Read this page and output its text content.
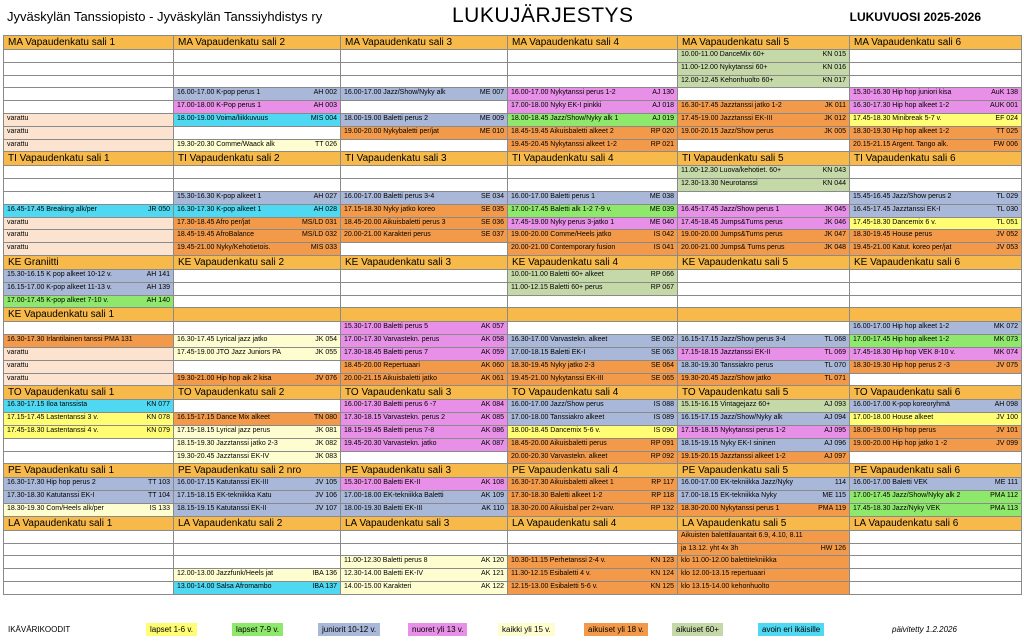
Jyväskylän Tanssiopisto - Jyväskylän Tanssiyhdistys ry	LUKUJÄRJESTYS	LUKUVUOSI 2025-2026
MA Vapaudenkatu sali 1	MA Vapaudenkatu sali 2	MA Vapaudenkatu sali 3	MA Vapaudenkatu sali 4	MA Vapaudenkatu sali 5	MA Vapaudenkatu sali 6

				10.00-11.00 DanceMix 60+ KN 015	

				11.00-12.00 Nykytanssi 60+ KN 016	

				12.00-12.45 Kehonhuolto 60+ KN 017	

	16.00-17.00 K-pop perus 1 AH 002	16.00-17.00 Jazz/Show/Nyky alk ME 007	16.00-17.00 Nykytanssi perus 1-2 AJ 130		15.30-16.30 Hip hop juniori kisa AuK 138

	17.00-18.00 K-Pop perus 1 AH 003		17.00-18.00 Nyky EK-I pinkki AJ 018	16.30-17.45 Jazztanssi jatko 1-2 JK 011	16.30-17.30 Hip hop alkeet 1-2 AUK 001

varattu	18.00-19.00 Voima/liikkuvuus MIS 004	18.00-19.00 Baletti perus 2 ME 009	18.00-18.45 Jazz/Show/Nyky alk 1 AJ 019	17.45-19.00 Jazztanssi EK-III JK 012	17.45-18.30 Minibreak 5-7 v. EF 024

varattu		19.00-20.00 Nykybaletti per/jat ME 010	18.45-19.45 Aikuisbaletti alkeet 2 RP 020	19.00-20.15 Jazz/Show perus JK 005	18.30-19.30 Hip hop alkeet 1-2 TT 025

varattu	19.30-20.30 Comme/Waack alk TT 026		19.45-20.45 Nykytanssi alkeet 1-2 RP 021		20.15-21.15 Argent. Tango alk. FW 006

TI Vapaudenkatu sali 1	TI Vapaudenkatu sali 2	TI Vapaudenkatu sali 3	TI Vapaudenkatu sali 4	TI Vapaudenkatu sali 5	TI Vapaudenkatu sali 6

				11.00-12.30 Luova/kehotiet. 60+ KN 043	

				12.30-13.30 Neurotanssi KN 044	

	15.30-16.30 K-pop alkeet 1 AH 027	16.00-17.00 Baletti perus 3-4 SE 034	16.00-17.00 Baletti perus 1 ME 038		15.45-16.45 Jazz/Show perus 2 TL 029

16.45-17.45 Breaking alk/per JR 050	16.30-17.30 K-pop alkeet 1 AH 028	17.15-18.30 Nyky jatko koreo SE 035	17.00-17.45 Baletti alk 1-2 7-9 v. ME 039	16.45-17.45 Jazz/Show perus 1 JK 045	16.45-17.45 Jazztanssi EK-I TL 030

varattu	17.30-18.45 Afro per/jat MS/LD 031	18.45-20.00 Aikuisbaletti perus 3 SE 036	17.45-19.00 Nyky perus 3-jatko 1 ME 040	17.45-18.45 Jumps&Turns perus JK 046	17.45-18.30 Dancemix 6 v. TL 051

varattu	18.45-19.45 AfroBalance MS/LD 032	20.00-21.00 Karakteri perus SE 037	19.00-20.00 Comme/Heels jatko IS 042	19.00-20.00 Jumps&Turns perus JK 047	18.30-19.45 House perus JV 052

varattu	19.45-21.00 Nyky/Kehotietois. MIS 033		20.00-21.00 Contemporary fusion IS 041	20.00-21.00 Jumps& Turns perus JK 048	19.45-21.00 Katut. koreo per/jat JV 053

KE Graniitti	KE Vapaudenkatu sali 2	KE Vapaudenkatu sali 3	KE Vapaudenkatu sali 4	KE Vapaudenkatu sali 5	KE Vapaudenkatu sali 6

15.30-16.15 K pop alkeet 10-12 v. AH 141			10.00-11.00 Baletti 60+ alkeet RP 066		

16.15-17.00 K-pop alkeet 11-13 v. AH 139			11.00-12.15 Baletti 60+ perus RP 067		

17.00-17.45 K-pop alkeet 7-10 v. AH 140					

KE Vapaudenkatu sali 1					

		15.30-17.00 Baletti perus 5 AK 057			16.00-17.00 Hip hop alkeet 1-2 MK 072

16.30-17.30 Irlantilainen tanssi PMA 131	16.30-17.45 Lyrical jazz jatko JK 054	17.00-17.30 Varvastekn. perus AK 058	16.30-17.00 Varvastekn. alkeet SE 062	16.15-17.15 Jazz/Show perus 3-4 TL 068	17.00-17.45 Hip hop alkeet 1-2 MK 073

varattu	17.45-19.00 JTO Jazz Juniors PA JK 055	17.30-18.45 Baletti perus 7 AK 059	17.00-18.15 Baletti EK-I SE 063	17.15-18.15 Jazztanssi EK-II TL 069	17.45-18.30 Hip hop VEK 8-10 v. MK 074

varattu		18.45-20.00 Repertuaari AK 060	18.30-19.45 Nyky jatko 2-3 SE 064	18.30-19.30 Tanssiakro perus TL 070	18.30-19.30 Hip hop perus 2 -3 JV 075

varattu	19.30-21.00 Hip hop aik 2 kisa JV 076	20.00-21.15 Aikuisbaletti jatko AK 061	19.45-21.00 Nykytanssi EK-III SE 065	19.30-20.45 Jazz/Show jatko TL 071	

TO Vapaudenkatu sali 1	TO Vapaudenkatu sali 2	TO Vapaudenkatu sali 3	TO Vapaudenkatu sali 4	TO Vapaudenkatu sali 5	TO Vapaudenkatu sali 6

16.30-17.15 Iloa tanssista KN 077		16.00-17.30 Baletti perus 6 -7 AK 084	16.00-17.00 Jazz/Show perus IS 088	15.15-16.15 Vintagejazz 60+ AJ 093	16.00-17.00 K-pop koreoryhmä AH 098

17.15-17.45 Lastentanssi 3 v. KN 078	16.15-17.15 Dance Mix alkeet TN 080	17.30-18.15 Varvastekn. perus 2 AK 085	17.00-18.00 Tanssiakro alkeet IS 089	16.15-17.15 Jazz/Show/Nyky alk AJ 094	17.00-18.00 House alkeet JV 100

17.45-18.30 Lastentanssi 4 v. KN 079	17.15-18.15 Lyrical jazz perus JK 081	18.15-19.45 Baletti perus 7-8 AK 086	18.00-18.45 Dancemix 5-6 v. IS 090	17.15-18.15 Nykytanssi perus 1-2 AJ 095	18.00-19.00 Hip hop perus JV 101

	18.15-19.30 Jazztanssi jatko 2-3 JK 082	19.45-20.30 Varvastekn. jatko AK 087	18.45-20.00 Aikuisbaletti perus RP 091	18.15-19.15 Nyky EK-I sininen AJ 096	19.00-20.00 Hip hop jatko 1 -2 JV 099

	19.30-20.45 Jazztanssi EK-IV JK 083		20.00-20.30 Varvastekn. alkeet RP 092	19.15-20.15 Jazztanssi alkeet 1-2 AJ 097	

PE Vapaudenkatu sali 1	PE Vapaudenkatu sali 2 nro	PE Vapaudenkatu sali 3	PE Vapaudenkatu sali 4	PE Vapaudenkatu sali 5	PE Vapaudenkatu sali 6

16.30-17.30 Hip hop perus 2 TT 103	16.00-17.15 Katutanssi EK-III JV 105	15.30-17.00 Baletti EK-II AK 108	16.30-17.30 Aikuisbaletti alkeet 1 RP 117	16.00-17.00 EK-tekniikka Jazz/Nyky 114	16.00-17.00 Baletti VEK ME 111

17.30-18.30 Katutanssi EK-I TT 104	17.15-18.15 EK-tekniikka Katu JV 106	17.00-18.00 EK-tekniikka Baletti AK 109	17.30-18.30 Baletti alkeet 1-2 RP 118	17.00-18.15 EK-tekniikka Nyky ME 115	17.00-17.45 Jazz/Show/Nyky alk 2 PMA 112

18.30-19.30 Com/Heels alk/per IS 133	18.15-19.15 Katutanssi EK-II JV 107	18.00-19.30 Baletti EK-III AK 110	18.30-20.00 Aikuisbal per 2+varv. RP 132	18.30-20.00 Nykytanssi perus 1 PMA 119	17.45-18.30 Jazz/Nyky VEK PMA 113

LA Vapaudenkatu sali 1	LA Vapaudenkatu sali 2	LA Vapaudenkatu sali 3	LA Vapaudenkatu sali 4	LA Vapaudenkatu sali 5	LA Vapaudenkatu sali 6

				Aikuisten balettilauantait 6.9, 4.10, 8.11	

				ja 13.12. yht 4x 3h HW 126	

		11.00-12.30 Baletti perus 8 AK 120	10.30-11.15 Perhetanssi 2-4 v. KN 123	klo 11.00-12.00 balettitekniikka	

	12.00-13.00 Jazzfunk/Heels jat IBA 136	12.30-14.00 Baletti EK-IV AK 121	11.30-12.15 Esibaletti 4 v. KN 124	klo 12.00-13.15 repertuaari	

	13.00-14.00 Salsa Afromambo IBA 137	14.00-15.00 Karakteri AK 122	12.15-13.00 Esibaletti 5-6 v. KN 125	klo 13.15-14.00 kehonhuolto	

IKÄVÄRIKOODIT	lapset 1-6 v.	lapset 7-9 v.	juniorit 10-12 v.	nuoret yli 13 v.	kaikki yli 15 v.	aikuiset yli 18 v.	aikuiset 60+	avoin eri ikäisille	päivitetty 1.2.2026
